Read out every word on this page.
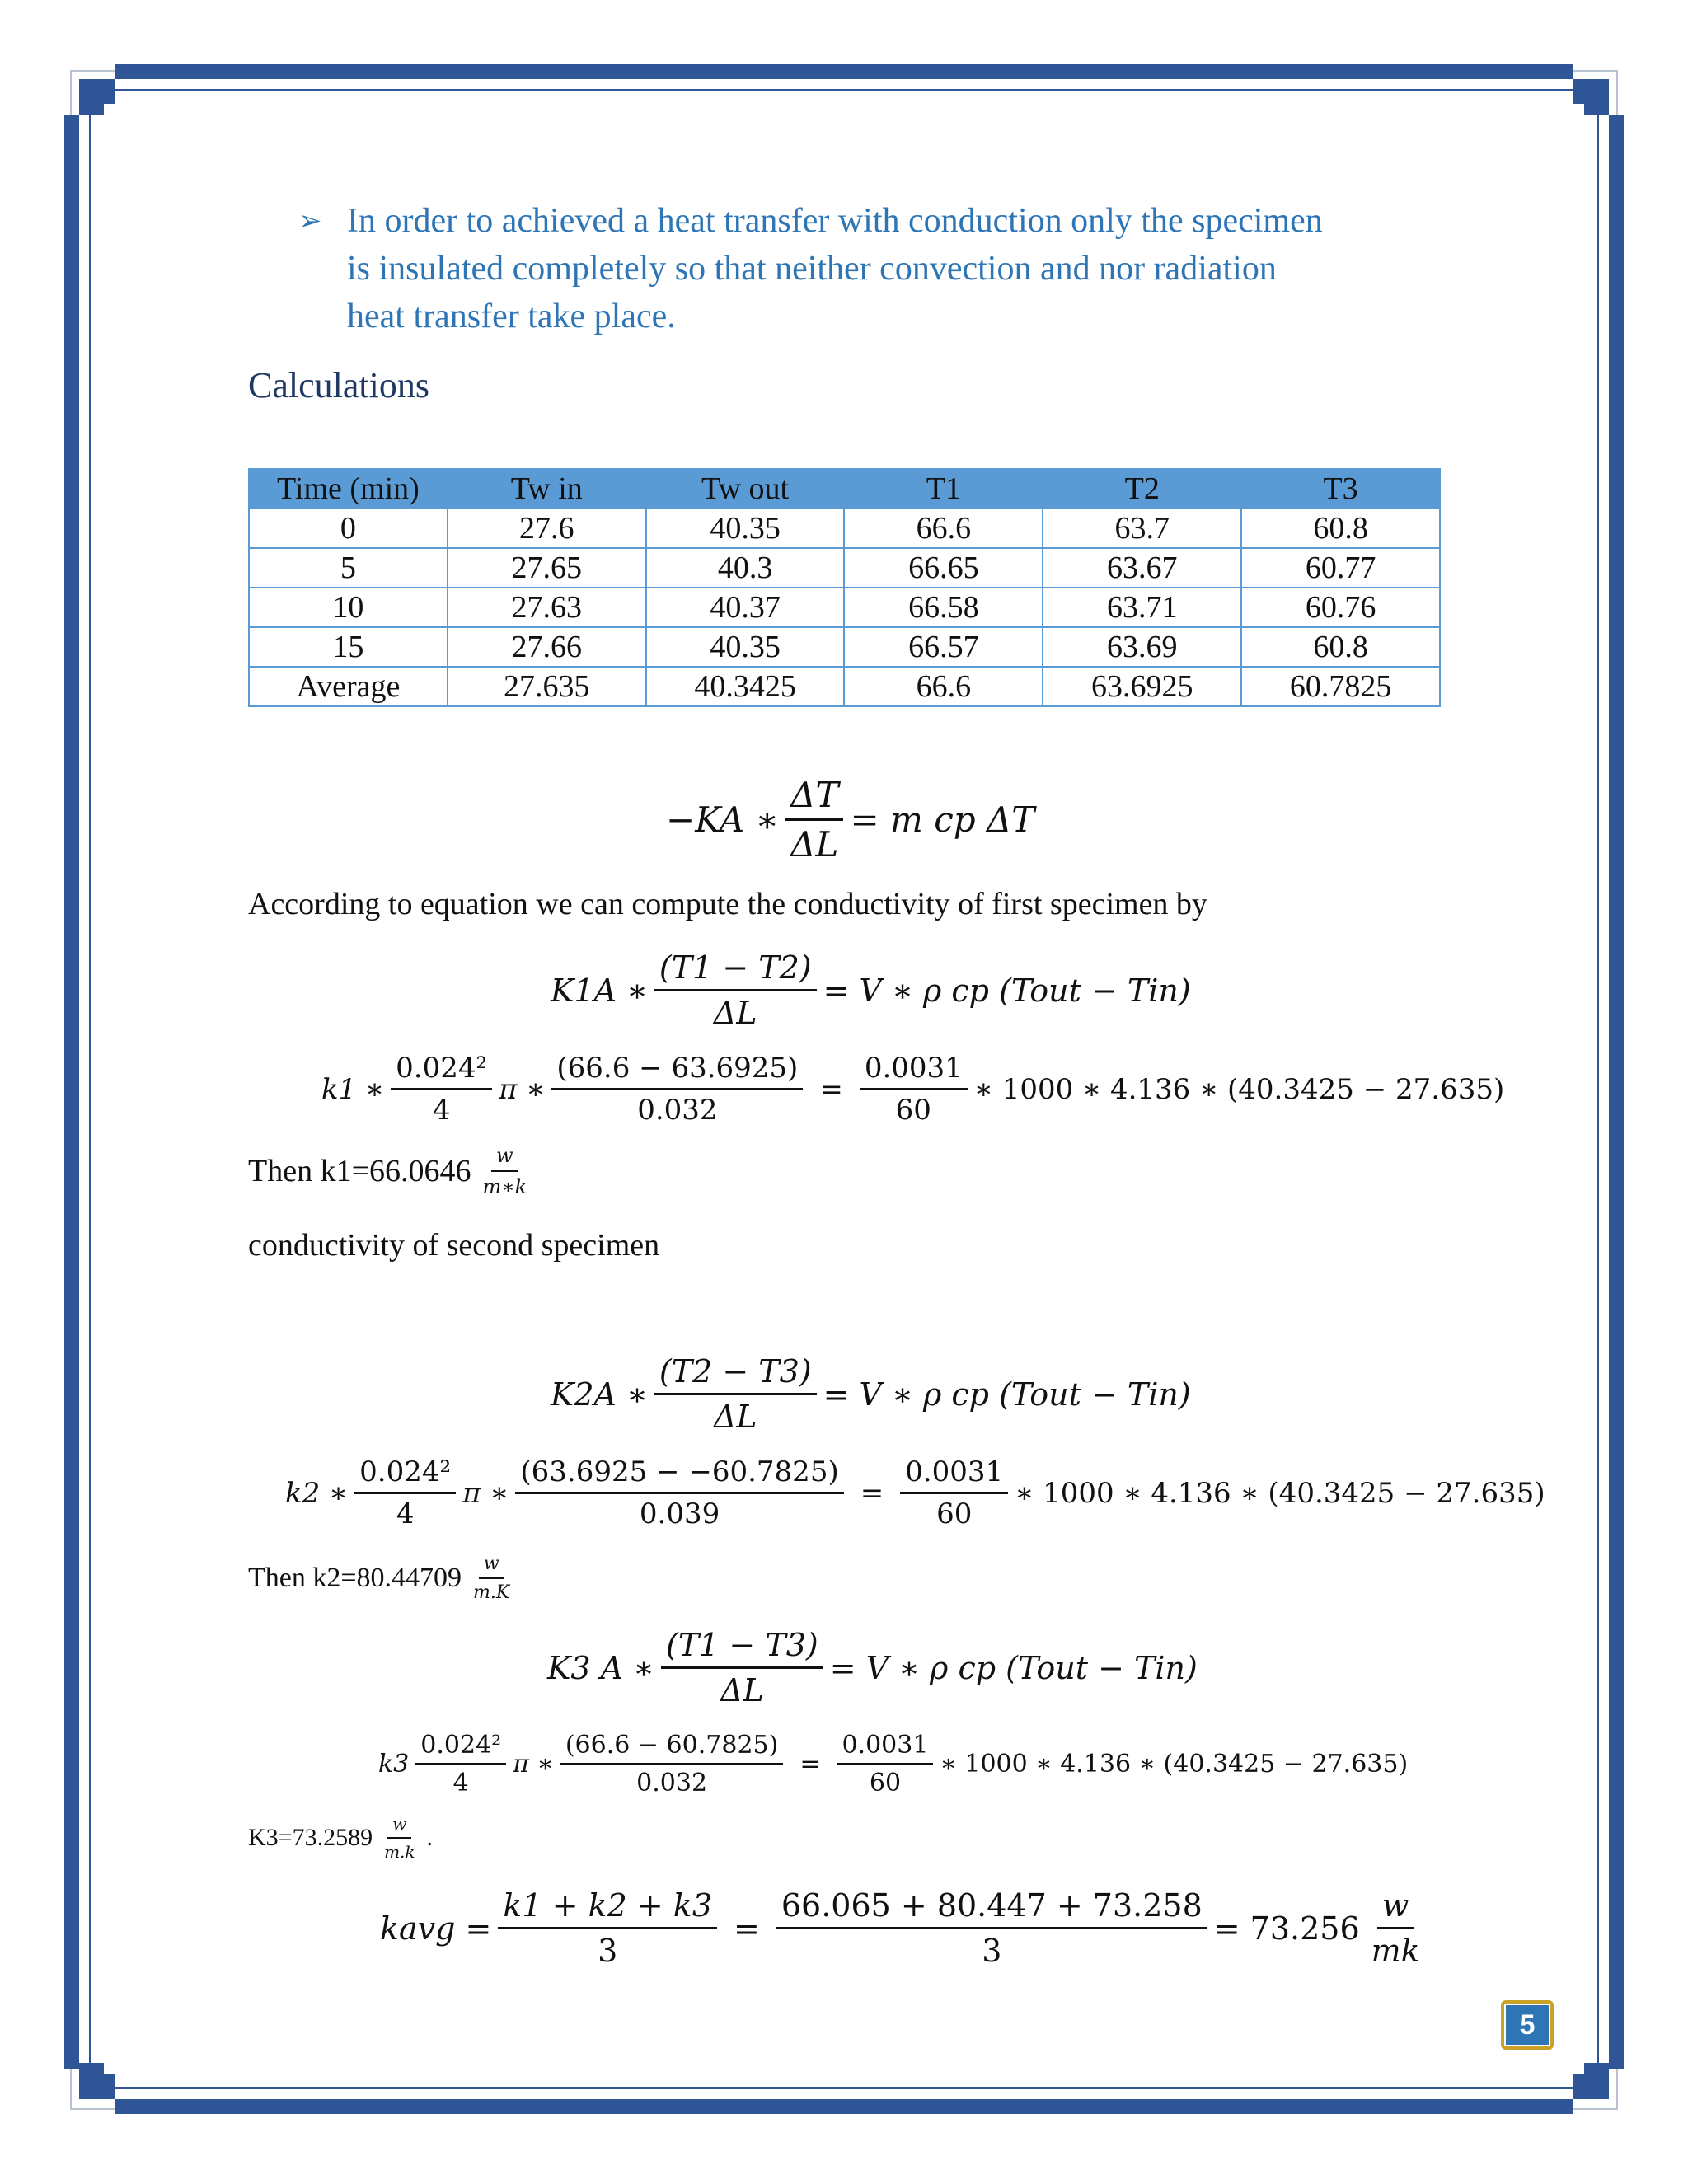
➢ In order to achieved a heat transfer with conduction only the specimen
is insulated completely so that neither convection and nor radiation
heat transfer take place.
Calculations
Time (min)	Tw in	Tw out	T1	T2	T3
0	27.6	40.35	66.6	63.7	60.8
5	27.65	40.3	66.65	63.67	60.77
10	27.63	40.37	66.58	63.71	60.76
15	27.66	40.35	66.57	63.69	60.8
Average	27.635	40.3425	66.6	63.6925	60.7825
−KA ∗ $\frac{\Delta T}{\Delta L} = m$ cp ΔT
According to equation we can compute the conductivity of first specimen by
K1A ∗ $\frac{(T1 - T2)}{\Delta L} = V$ ∗ ρ cp (Tout − Tin)
k1 ∗ $\frac{\text{0.024²}}{4}$ π ∗ $\frac{(66.6 - 63.6925)}{0.032} = \frac{0.0031}{60}$ ∗ 1000 ∗ 4.136 ∗ (40.3425 − 27.635)
Then $k1=66.0646 \frac{w}{m∗k}$
conductivity of second specimen
K2A ∗ $\frac{(T2 - T3)}{\Delta L} = V$ ∗ ρ cp (Tout − Tin)
k2 ∗ $\frac{\text{0.024²}}{4}$ π ∗ $\frac{(63.6925 - -60.7825)}{0.039} = \frac{0.0031}{60}$ ∗ 1000 ∗ 4.136 ∗ (40.3425 − 27.635)
Then $k2=80.44709 \frac{w}{m.K}$
K3 A ∗ $\frac{(T1 - T3)}{\Delta L} = V$ ∗ ρ cp (Tout − Tin)
$k3 \frac{\text{0.024²}}{4}$ π ∗ $\frac{(66.6 - 60.7825)}{0.032} = \frac{0.0031}{60}$ ∗ 1000 ∗ 4.136 ∗ (40.3425 − 27.635)
$K3=73.2589 \frac{w}{m.k}$ .
kavg = $\frac{k1 + k2 + k3}{3} = \frac{66.065 + 80.447 + 73.258}{3} = 73.256 \frac{w}{mk}$
5
